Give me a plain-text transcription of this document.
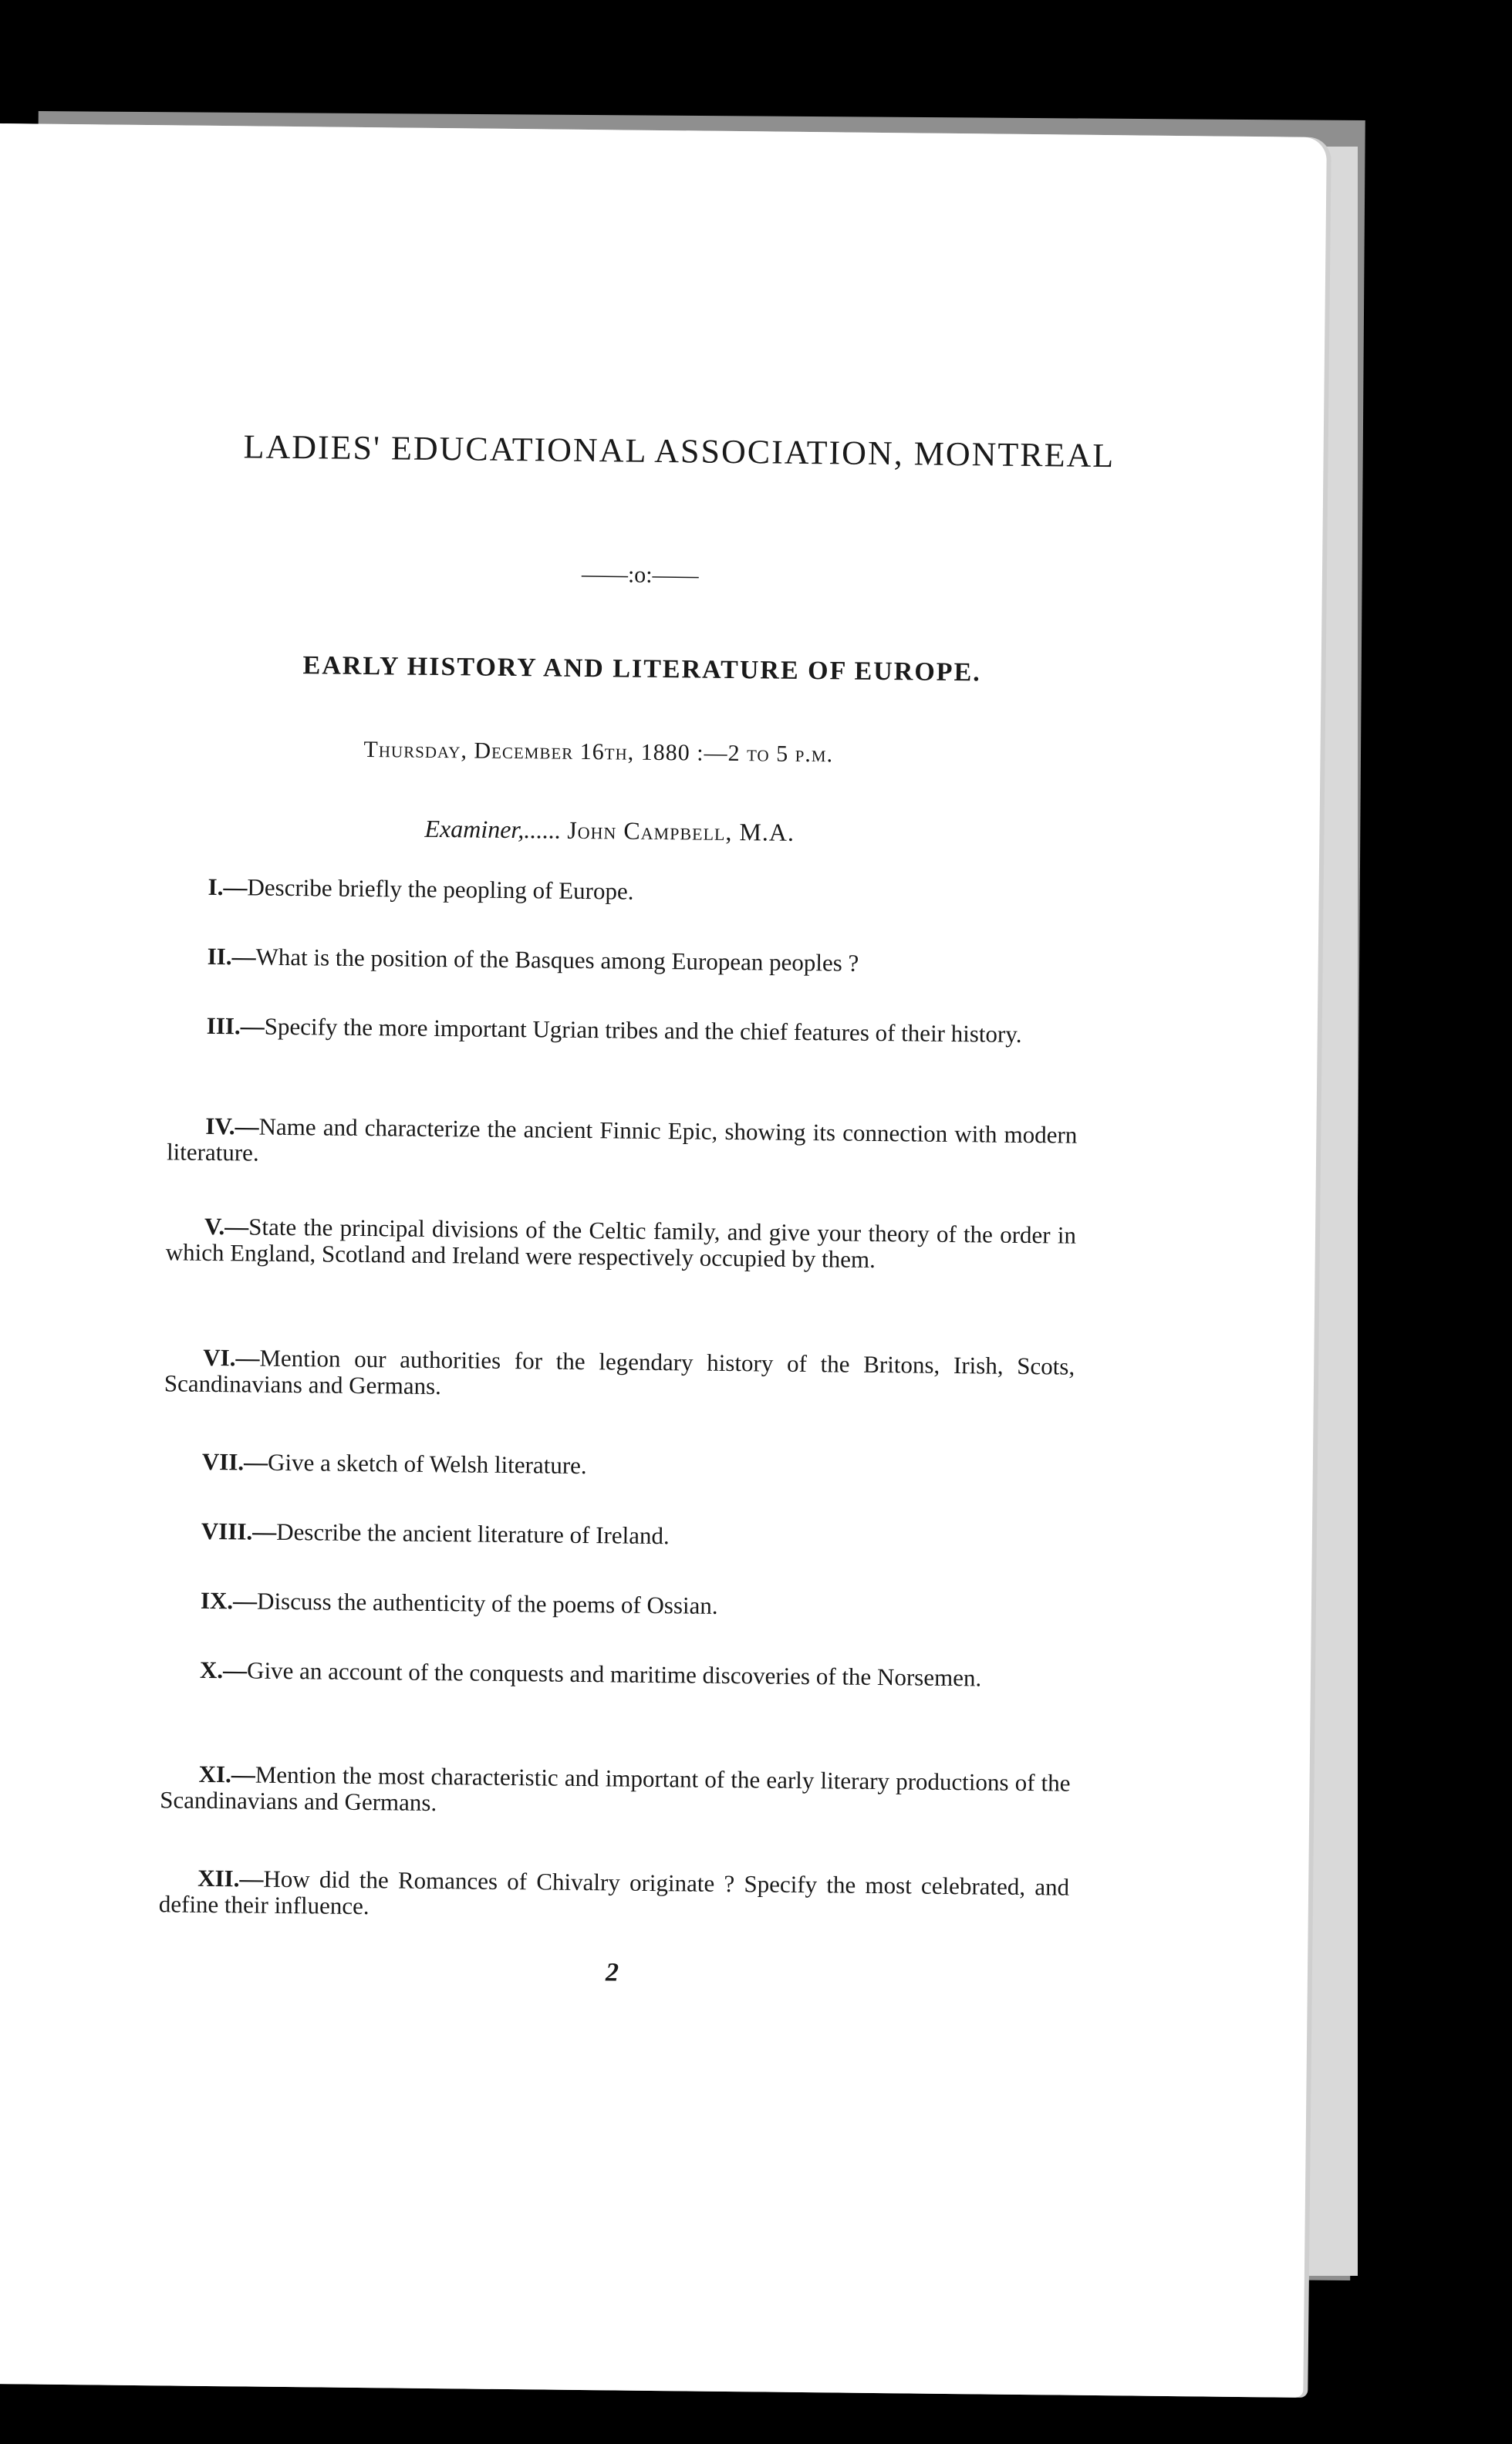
LADIES' EDUCATIONAL ASSOCIATION, MONTREAL
——:o:——
EARLY HISTORY AND LITERATURE OF EUROPE.
Thursday, December 16th, 1880 :—2 to 5 p.m.
Examiner,...... John Campbell, M.A.
I.—Describe briefly the peopling of Europe.
II.—What is the position of the Basques among European peoples ?
III.—Specify the more important Ugrian tribes and the chief features of their history.
IV.—Name and characterize the ancient Finnic Epic, showing its connection with modern literature.
V.—State the principal divisions of the Celtic family, and give your theory of the order in which England, Scotland and Ireland were respectively occupied by them.
VI.—Mention our authorities for the legendary history of the Britons, Irish, Scots, Scandinavians and Germans.
VII.—Give a sketch of Welsh literature.
VIII.—Describe the ancient literature of Ireland.
IX.—Discuss the authenticity of the poems of Ossian.
X.—Give an account of the conquests and maritime discoveries of the Norsemen.
XI.—Mention the most characteristic and important of the early literary productions of the Scandinavians and Germans.
XII.—How did the Romances of Chivalry originate ? Specify the most celebrated, and define their influence.
2
